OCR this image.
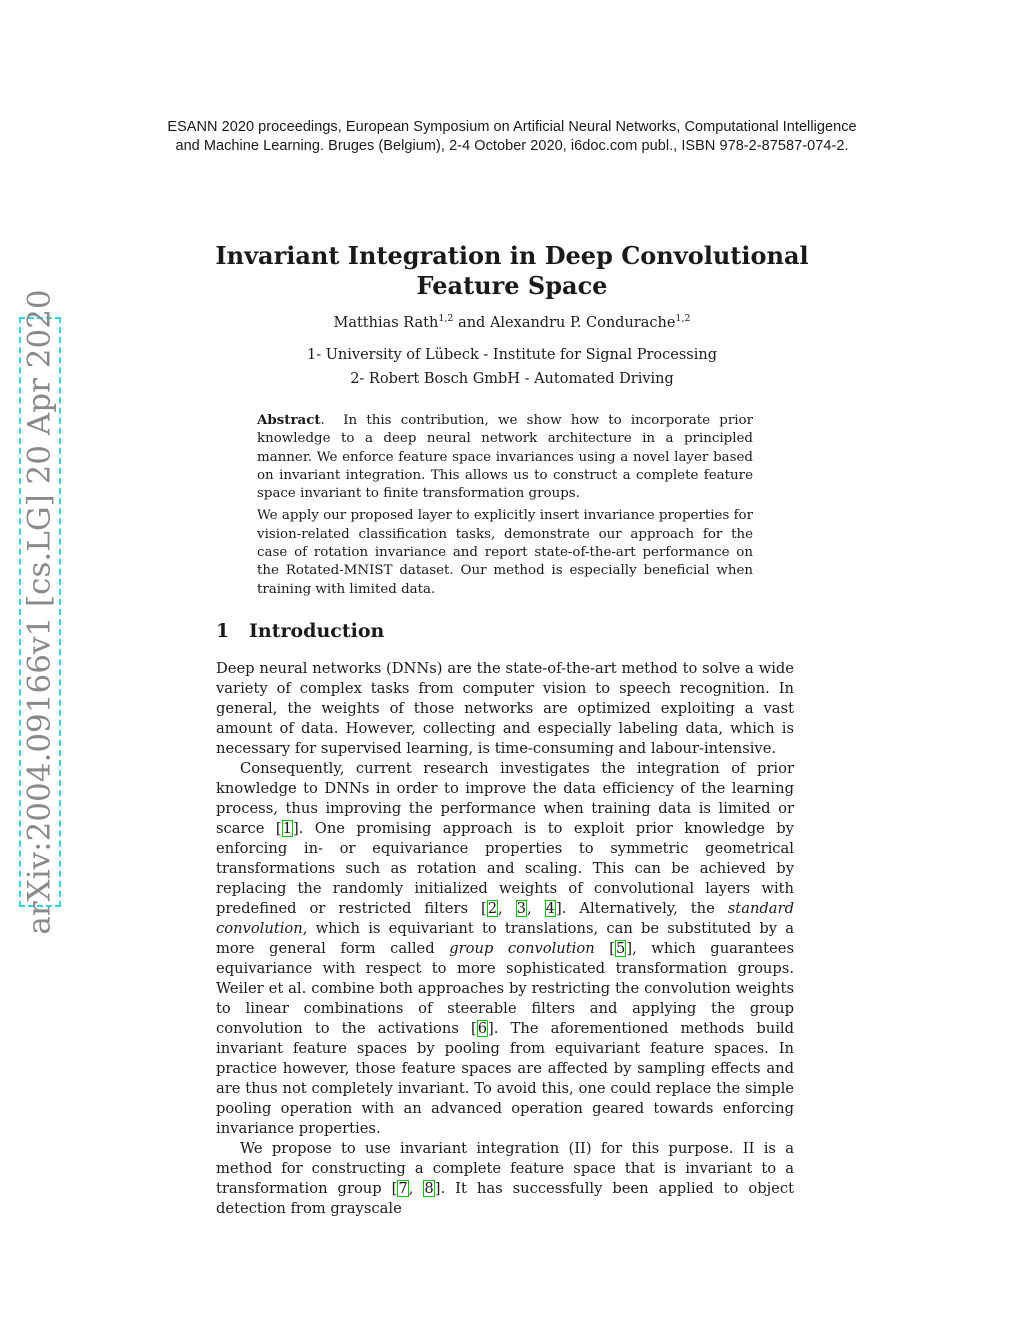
ESANN 2020 proceedings, European Symposium on Artificial Neural Networks, Computational Intelligence
and Machine Learning. Bruges (Belgium), 2-4 October 2020, i6doc.com publ., ISBN 978-2-87587-074-2.
arXiv:2004.09166v1 [cs.LG] 20 Apr 2020
Invariant Integration in Deep Convolutional
Feature Space
Matthias Rath$^{1,2}$ and Alexandru P. Condurache$^{1,2}$
1- University of Lübeck - Institute for Signal Processing
2- Robert Bosch GmbH - Automated Driving

Abstract.  In this contribution, we show how to incorporate prior knowledge to a deep neural network architecture in a principled manner. We enforce feature space invariances using a novel layer based on invariant integration. This allows us to construct a complete feature space invariant to finite transformation groups.

We apply our proposed layer to explicitly insert invariance properties for vision-related classification tasks, demonstrate our approach for the case of rotation invariance and report state-of-the-art performance on the Rotated-MNIST dataset. Our method is especially beneficial when training with limited data.

1 Introduction

Deep neural networks (DNNs) are the state-of-the-art method to solve a wide variety of complex tasks from computer vision to speech recognition. In general, the weights of those networks are optimized exploiting a vast amount of data. However, collecting and especially labeling data, which is necessary for supervised learning, is time-consuming and labour-intensive.

Consequently, current research investigates the integration of prior knowledge to DNNs in order to improve the data efficiency of the learning process, thus improving the performance when training data is limited or scarce [1]. One promising approach is to exploit prior knowledge by enforcing in- or equivariance properties to symmetric geometrical transformations such as rotation and scaling. This can be achieved by replacing the randomly initialized weights of convolutional layers with predefined or restricted filters [2, 3, 4]. Alternatively, the standard convolution, which is equivariant to translations, can be substituted by a more general form called group convolution [5], which guarantees equivariance with respect to more sophisticated transformation groups. Weiler et al. combine both approaches by restricting the convolution weights to linear combinations of steerable filters and applying the group convolution to the activations [6]. The aforementioned methods build invariant feature spaces by pooling from equivariant feature spaces. In practice however, those feature spaces are affected by sampling effects and are thus not completely invariant. To avoid this, one could replace the simple pooling operation with an advanced operation geared towards enforcing invariance properties.

We propose to use invariant integration (II) for this purpose. II is a method for constructing a complete feature space that is invariant to a transformation group [7, 8]. It has successfully been applied to object detection from grayscale
